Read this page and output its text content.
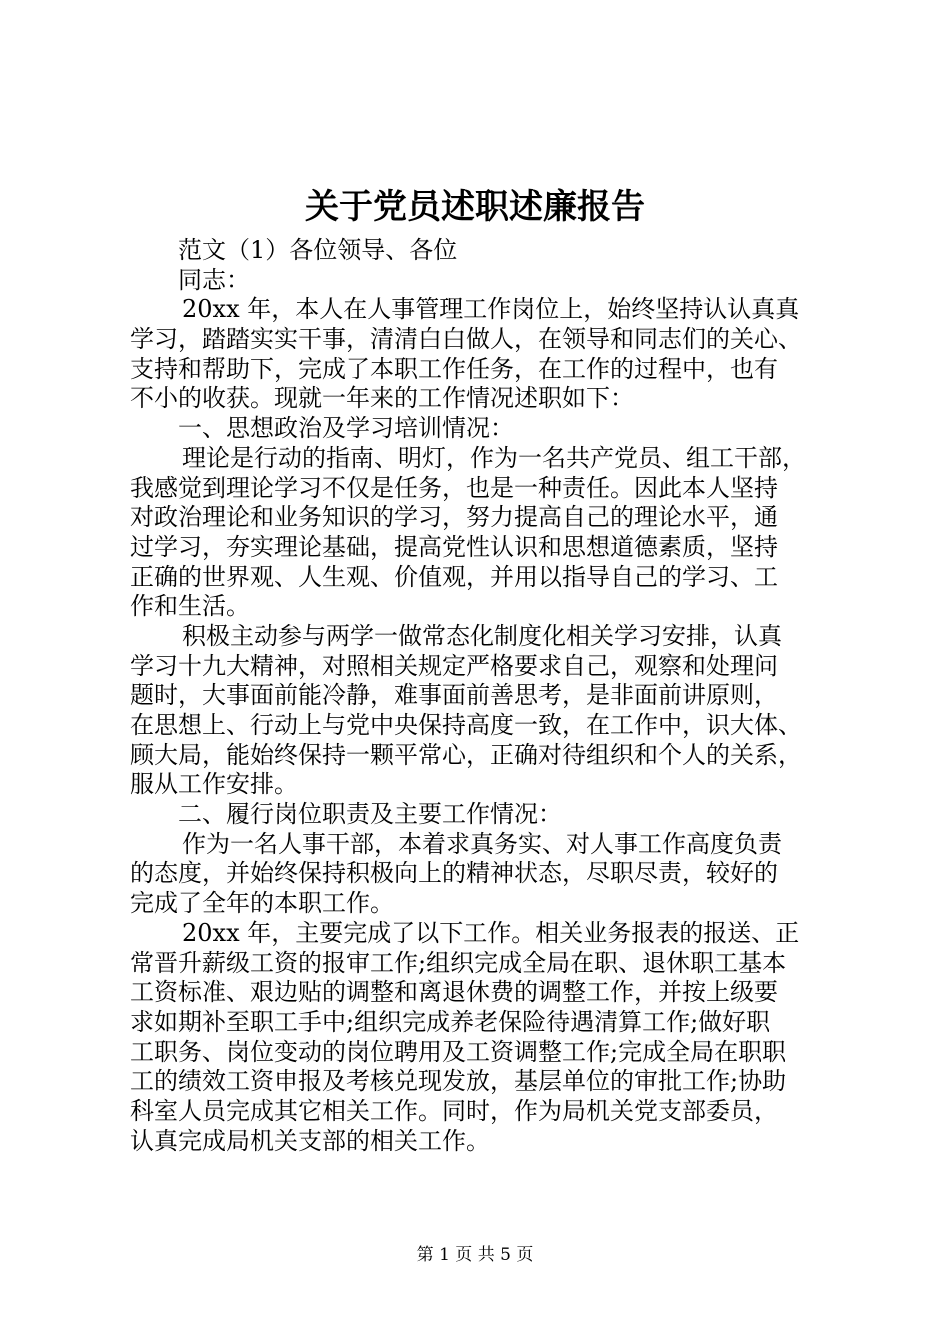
关于党员述职述廉报告
范文（1）各位领导、各位
同志：
20xx 年，本人在人事管理工作岗位上，始终坚持认认真真
学习，踏踏实实干事，清清白白做人，在领导和同志们的关心、
支持和帮助下，完成了本职工作任务，在工作的过程中，也有
不小的收获。现就一年来的工作情况述职如下：
一、思想政治及学习培训情况：
理论是行动的指南、明灯，作为一名共产党员、组工干部，
我感觉到理论学习不仅是任务，也是一种责任。因此本人坚持
对政治理论和业务知识的学习，努力提高自己的理论水平，通
过学习，夯实理论基础，提高党性认识和思想道德素质，坚持
正确的世界观、人生观、价值观，并用以指导自己的学习、工
作和生活。
积极主动参与两学一做常态化制度化相关学习安排，认真
学习十九大精神，对照相关规定严格要求自己，观察和处理问
题时，大事面前能冷静，难事面前善思考，是非面前讲原则，
在思想上、行动上与党中央保持高度一致，在工作中，识大体、
顾大局，能始终保持一颗平常心，正确对待组织和个人的关系，
服从工作安排。
二、履行岗位职责及主要工作情况：
作为一名人事干部，本着求真务实、对人事工作高度负责
的态度，并始终保持积极向上的精神状态，尽职尽责，较好的
完成了全年的本职工作。
20xx 年，主要完成了以下工作。相关业务报表的报送、正
常晋升薪级工资的报审工作;组织完成全局在职、退休职工基本
工资标准、艰边贴的调整和离退休费的调整工作，并按上级要
求如期补至职工手中;组织完成养老保险待遇清算工作;做好职
工职务、岗位变动的岗位聘用及工资调整工作;完成全局在职职
工的绩效工资申报及考核兑现发放，基层单位的审批工作;协助
科室人员完成其它相关工作。同时，作为局机关党支部委员，
认真完成局机关支部的相关工作。
第 1 页 共 5 页
